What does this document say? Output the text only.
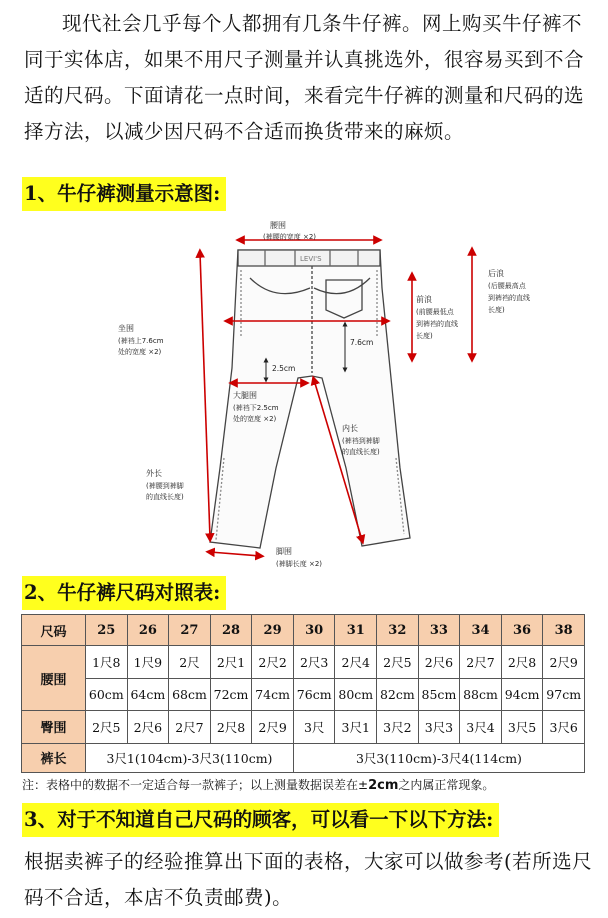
现代社会几乎每个人都拥有几条牛仔裤。网上购买牛仔裤不同于实体店，如果不用尺子测量并认真挑选外，很容易买到不合适的尺码。下面请花一点时间，来看完牛仔裤的测量和尺码的选择方法，以减少因尺码不合适而换货带来的麻烦。
1、牛仔裤测量示意图:
LEVI'S
腰围
(裤腰的宽度 ×2)
后浪
(后腰最高点
到裤裆的直线
长度)
前浪
(前腰最低点
到裤裆的直线
长度)
坐围
(裤裆上7.6cm
处的宽度 ×2)
7.6cm
2.5cm
大腿围
(裤裆下2.5cm
处的宽度 ×2)
内长
(裤裆到裤脚
的直线长度)
外长
(裤腰到裤脚
的直线长度)
脚围
(裤脚长度 ×2)
2、牛仔裤尺码对照表:
尺码	25	26	27	28	29	30	31	32	33	34	36	38
腰围	1尺8	1尺9	2尺	2尺1	2尺2	2尺3	2尺4	2尺5	2尺6	2尺7	2尺8	2尺9
	60cm	64cm	68cm	72cm	74cm	76cm	80cm	82cm	85cm	88cm	94cm	97cm
臀围	2尺5	2尺6	2尺7	2尺8	2尺9	3尺	3尺1	3尺2	3尺3	3尺4	3尺5	3尺6
裤长	3尺1(104cm)-3尺3(110cm)					3尺3(110cm)-3尺4(114cm)						
注：表格中的数据不一定适合每一款裤子；以上测量数据误差在±2cm之内属正常现象。
3、对于不知道自己尺码的顾客，可以看一下以下方法:
根据卖裤子的经验推算出下面的表格，大家可以做参考(若所选尺码不合适，本店不负责邮费)。
